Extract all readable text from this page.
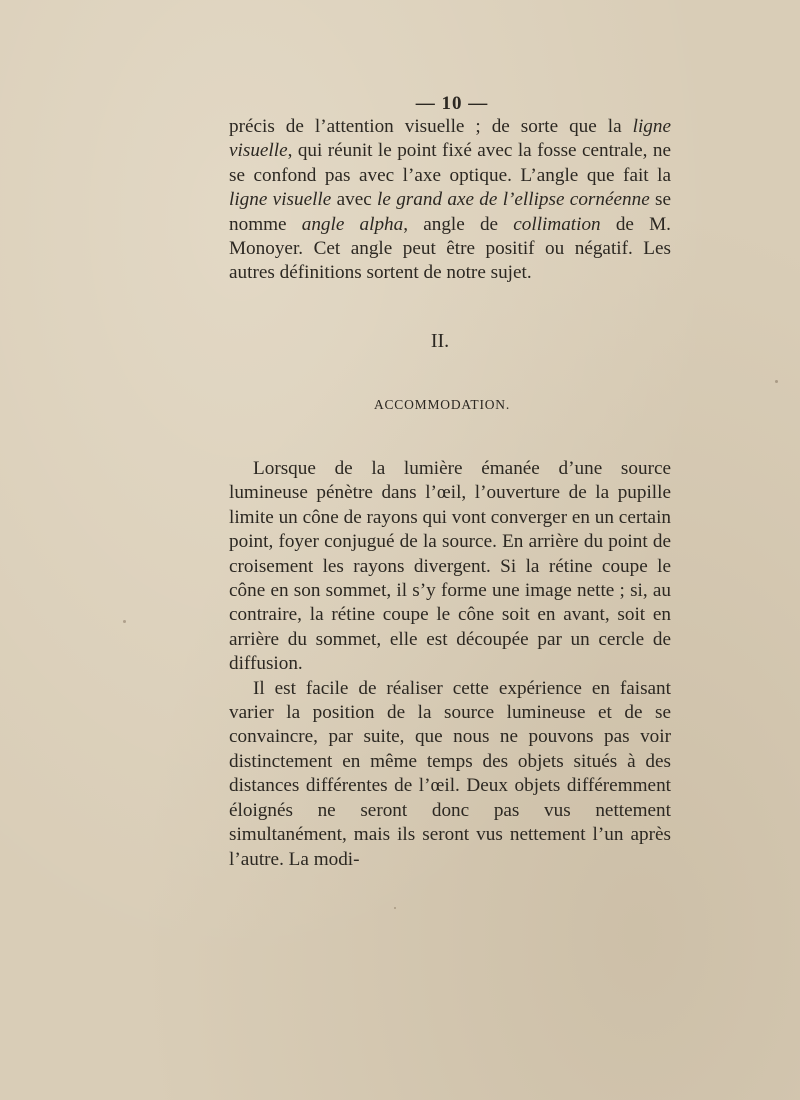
— 10 —

précis de l’attention visuelle ; de sorte que la ligne visuelle, qui réunit le point fixé avec la fosse centrale, ne se confond pas avec l’axe optique. L’angle que fait la ligne visuelle avec le grand axe de l’ellipse cornéenne se nomme angle alpha, angle de collimation de M. Monoyer. Cet angle peut être positif ou négatif. Les autres définitions sortent de notre sujet.

II.
ACCOMMODATION.

Lorsque de la lumière émanée d’une source lumineuse pénètre dans l’œil, l’ouverture de la pupille limite un cône de rayons qui vont converger en un certain point, foyer conjugué de la source. En arrière du point de croisement les rayons divergent. Si la rétine coupe le cône en son sommet, il s’y forme une image nette ; si, au contraire, la rétine coupe le cône soit en avant, soit en arrière du sommet, elle est découpée par un cercle de diffusion.

Il est facile de réaliser cette expérience en faisant varier la position de la source lumineuse et de se convaincre, par suite, que nous ne pouvons pas voir distinctement en même temps des objets situés à des distances différentes de l’œil. Deux objets différemment éloignés ne seront donc pas vus nettement simultanément, mais ils seront vus nettement l’un après l’autre. La modi-
